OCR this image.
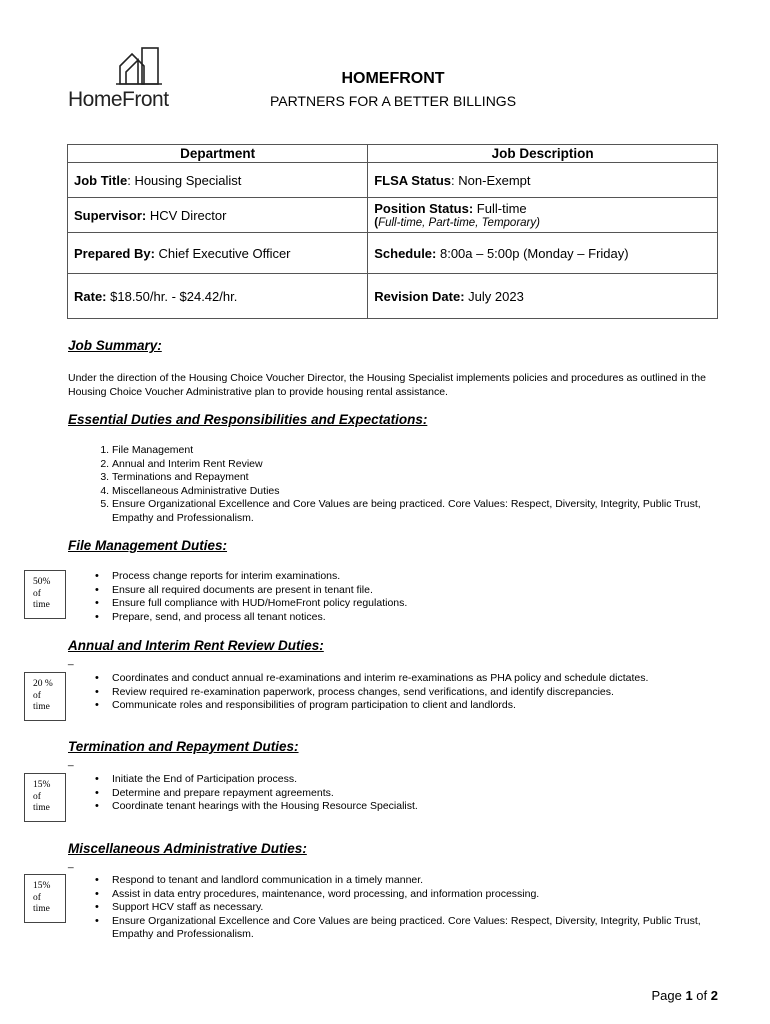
HomeFront
HOMEFRONT
PARTNERS FOR A BETTER BILLINGS
Department	Job Description
Job Title: Housing Specialist	FLSA Status: Non-Exempt
Supervisor: HCV Director	Position Status: Full-time
(Full-time, Part-time, Temporary)

Prepared By: Chief Executive Officer	Schedule: 8:00a – 5:00p (Monday – Friday)
Rate: $18.50/hr. - $24.42/hr.	Revision Date: July 2023
Job Summary:
Under the direction of the Housing Choice Voucher Director, the Housing Specialist implements policies and procedures as outlined in the Housing Choice Voucher Administrative plan to provide housing rental assistance.
Essential Duties and Responsibilities and Expectations:
1. File Management
2. Annual and Interim Rent Review
3. Terminations and Repayment
4. Miscellaneous Administrative Duties
5. Ensure Organizational Excellence and Core Values are being practiced. Core Values: Respect, Diversity, Integrity, Public Trust, Empathy and Professionalism.
File Management Duties:
50%
of
time
• Process change reports for interim examinations.
• Ensure all required documents are present in tenant file.
• Ensure full compliance with HUD/HomeFront policy regulations.
• Prepare, send, and process all tenant notices.
Annual and Interim Rent Review Duties:
_
20 %
of
time
• Coordinates and conduct annual re-examinations and interim re-examinations as PHA policy and schedule dictates.
• Review required re-examination paperwork, process changes, send verifications, and identify discrepancies.
• Communicate roles and responsibilities of program participation to client and landlords.
Termination and Repayment Duties:
_
15%
of
time
• Initiate the End of Participation process.
• Determine and prepare repayment agreements.
• Coordinate tenant hearings with the Housing Resource Specialist.
Miscellaneous Administrative Duties:
_
15%
of
time
• Respond to tenant and landlord communication in a timely manner.
• Assist in data entry procedures, maintenance, word processing, and information processing.
• Support HCV staff as necessary.
• Ensure Organizational Excellence and Core Values are being practiced. Core Values: Respect, Diversity, Integrity, Public Trust, Empathy and Professionalism.
Page 1 of 2
